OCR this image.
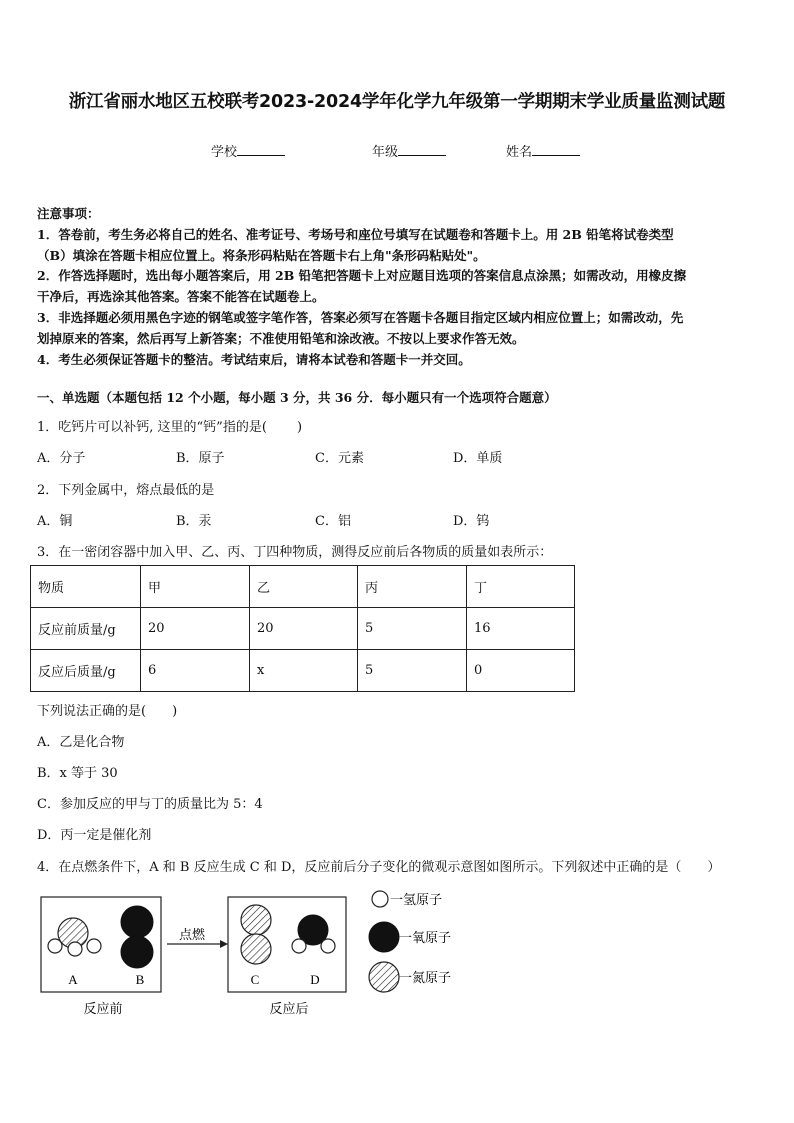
浙江省丽水地区五校联考2023-2024学年化学九年级第一学期期末学业质量监测试题
学校	年级	姓名
注意事项：
1．答卷前，考生务必将自己的姓名、准考证号、考场号和座位号填写在试题卷和答题卡上。用 2B 铅笔将试卷类型
（B）填涂在答题卡相应位置上。将条形码粘贴在答题卡右上角"条形码粘贴处"。
2．作答选择题时，选出每小题答案后，用 2B 铅笔把答题卡上对应题目选项的答案信息点涂黑；如需改动，用橡皮擦
干净后，再选涂其他答案。答案不能答在试题卷上。
3．非选择题必须用黑色字迹的钢笔或签字笔作答，答案必须写在答题卡各题目指定区域内相应位置上；如需改动，先
划掉原来的答案，然后再写上新答案；不准使用铅笔和涂改液。不按以上要求作答无效。
4．考生必须保证答题卡的整洁。考试结束后，请将本试卷和答题卡一并交回。
一、单选题（本题包括 12 个小题，每小题 3 分，共 36 分．每小题只有一个选项符合题意）
1．吃钙片可以补钙, 这里的“钙”指的是(　　 )
A．分子	B．原子	C．元素	D．单质
2．下列金属中，熔点最低的是
A．铜	B．汞	C．铝	D．钨
3．在一密闭容器中加入甲、乙、丙、丁四种物质，测得反应前后各物质的质量如表所示：
物质	甲	乙	丙	丁
反应前质量/g	20	20	5	16
反应后质量/g	6	x	5	0
下列说法正确的是(　　)
A．乙是化合物
B．x 等于 30
C．参加反应的甲与丁的质量比为 5：4
D．丙一定是催化剂
4．在点燃条件下，A 和 B 反应生成 C 和 D，反应前后分子变化的微观示意图如图所示。下列叙述中正确的是（　　）
A	B
点燃
C	D
反应前	反应后
一氢原子
一氧原子
一氮原子
